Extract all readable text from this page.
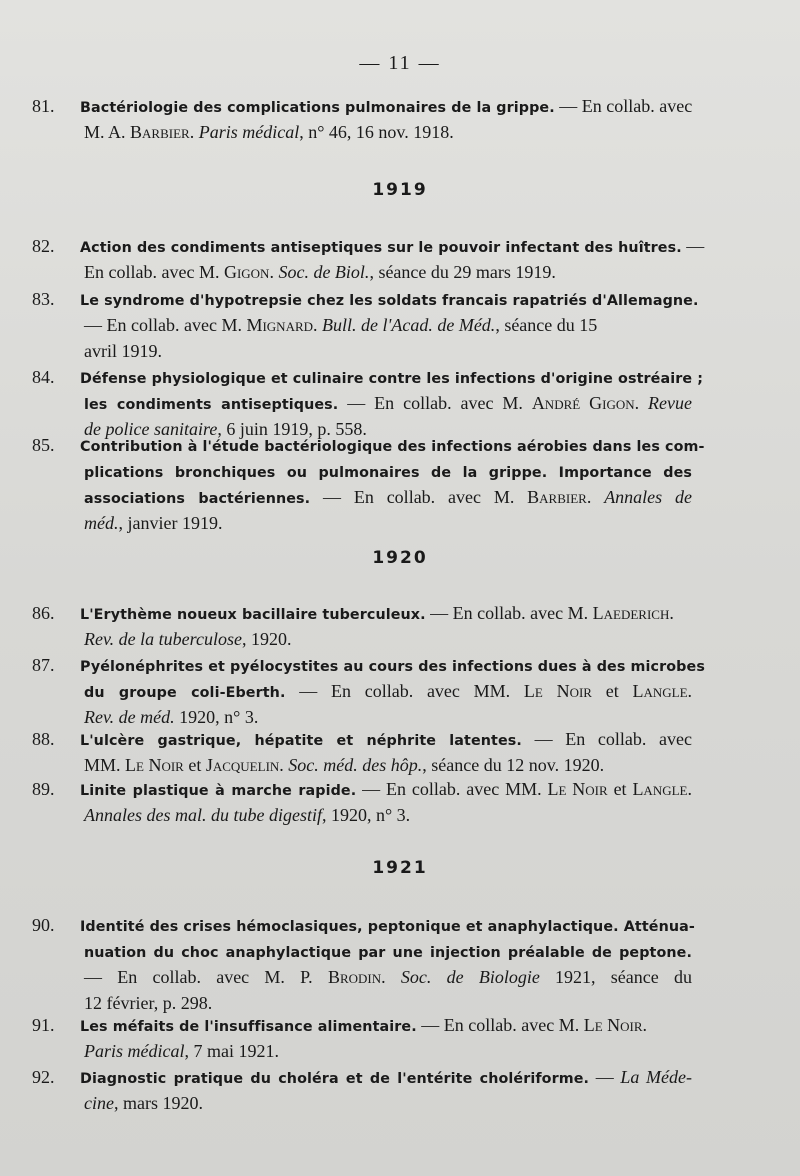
— 11 —
81. Bactériologie des complications pulmonaires de la grippe. — En collab. avec
M. A. Barbier. Paris médical, n° 46, 16 nov. 1918.
1919
82. Action des condiments antiseptiques sur le pouvoir infectant des huîtres. —
En collab. avec M. Gigon. Soc. de Biol., séance du 29 mars 1919.
83. Le syndrome d'hypotrepsie chez les soldats francais rapatriés d'Allemagne.
— En collab. avec M. Mignard. Bull. de l'Acad. de Méd., séance du 15
avril 1919.
84. Défense physiologique et culinaire contre les infections d'origine ostréaire ;
les condiments antiseptiques. — En collab. avec M. André Gigon. Revue
de police sanitaire, 6 juin 1919, p. 558.
85. Contribution à l'étude bactériologique des infections aérobies dans les com-
plications bronchiques ou pulmonaires de la grippe. Importance des
associations bactériennes. — En collab. avec M. Barbier. Annales de
méd., janvier 1919.
1920
86. L'Erythème noueux bacillaire tuberculeux. — En collab. avec M. Laederich.
Rev. de la tuberculose, 1920.
87. Pyélonéphrites et pyélocystites au cours des infections dues à des microbes
du groupe coli-Eberth. — En collab. avec MM. Le Noir et Langle.
Rev. de méd. 1920, n° 3.
88. L'ulcère gastrique, hépatite et néphrite latentes. — En collab. avec
MM. Le Noir et Jacquelin. Soc. méd. des hôp., séance du 12 nov. 1920.
89. Linite plastique à marche rapide. — En collab. avec MM. Le Noir et Langle.
Annales des mal. du tube digestif, 1920, n° 3.
1921
90. Identité des crises hémoclasiques, peptonique et anaphylactique. Atténua-
nuation du choc anaphylactique par une injection préalable de peptone.
— En collab. avec M. P. Brodin. Soc. de Biologie 1921, séance du
12 février, p. 298.
91. Les méfaits de l'insuffisance alimentaire. — En collab. avec M. Le Noir.
Paris médical, 7 mai 1921.
92. Diagnostic pratique du choléra et de l'entérite cholériforme. — La Méde-
cine, mars 1920.
